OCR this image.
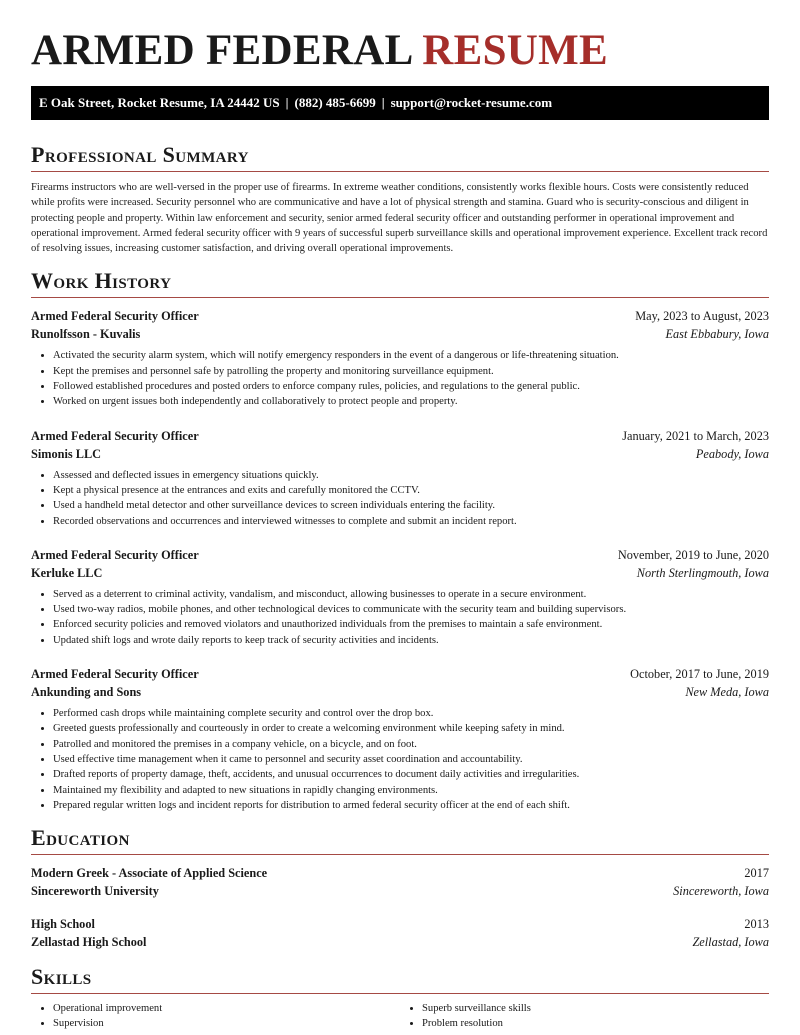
ARMED FEDERAL RESUME
E Oak Street, Rocket Resume, IA 24442 US | (882) 485-6699 | support@rocket-resume.com
Professional Summary

Firearms instructors who are well-versed in the proper use of firearms. In extreme weather conditions, consistently works flexible hours. Costs were consistently reduced while profits were increased. Security personnel who are communicative and have a lot of physical strength and stamina. Guard who is security-conscious and diligent in protecting people and property. Within law enforcement and security, senior armed federal security officer and outstanding performer in operational improvement and operational improvement. Armed federal security officer with 9 years of successful superb surveillance skills and operational improvement experience. Excellent track record of resolving issues, increasing customer satisfaction, and driving overall operational improvements.

Work History
Armed Federal Security Officer	May, 2023 to August, 2023
Runolfsson - Kuvalis	East Ebbabury, Iowa
• Activated the security alarm system, which will notify emergency responders in the event of a dangerous or life-threatening situation.
• Kept the premises and personnel safe by patrolling the property and monitoring surveillance equipment.
• Followed established procedures and posted orders to enforce company rules, policies, and regulations to the general public.
• Worked on urgent issues both independently and collaboratively to protect people and property.
Armed Federal Security Officer	January, 2021 to March, 2023
Simonis LLC	Peabody, Iowa
• Assessed and deflected issues in emergency situations quickly.
• Kept a physical presence at the entrances and exits and carefully monitored the CCTV.
• Used a handheld metal detector and other surveillance devices to screen individuals entering the facility.
• Recorded observations and occurrences and interviewed witnesses to complete and submit an incident report.
Armed Federal Security Officer	November, 2019 to June, 2020
Kerluke LLC	North Sterlingmouth, Iowa
• Served as a deterrent to criminal activity, vandalism, and misconduct, allowing businesses to operate in a secure environment.
• Used two-way radios, mobile phones, and other technological devices to communicate with the security team and building supervisors.
• Enforced security policies and removed violators and unauthorized individuals from the premises to maintain a safe environment.
• Updated shift logs and wrote daily reports to keep track of security activities and incidents.
Armed Federal Security Officer	October, 2017 to June, 2019
Ankunding and Sons	New Meda, Iowa
• Performed cash drops while maintaining complete security and control over the drop box.
• Greeted guests professionally and courteously in order to create a welcoming environment while keeping safety in mind.
• Patrolled and monitored the premises in a company vehicle, on a bicycle, and on foot.
• Used effective time management when it came to personnel and security asset coordination and accountability.
• Drafted reports of property damage, theft, accidents, and unusual occurrences to document daily activities and irregularities.
• Maintained my flexibility and adapted to new situations in rapidly changing environments.
• Prepared regular written logs and incident reports for distribution to armed federal security officer at the end of each shift.
Education
Modern Greek - Associate of Applied Science	2017
Sincereworth University	Sincereworth, Iowa
High School	2013
Zellastad High School	Zellastad, Iowa
Skills
• Operational improvement
• Supervision
• Superb surveillance skills
• Problem resolution
